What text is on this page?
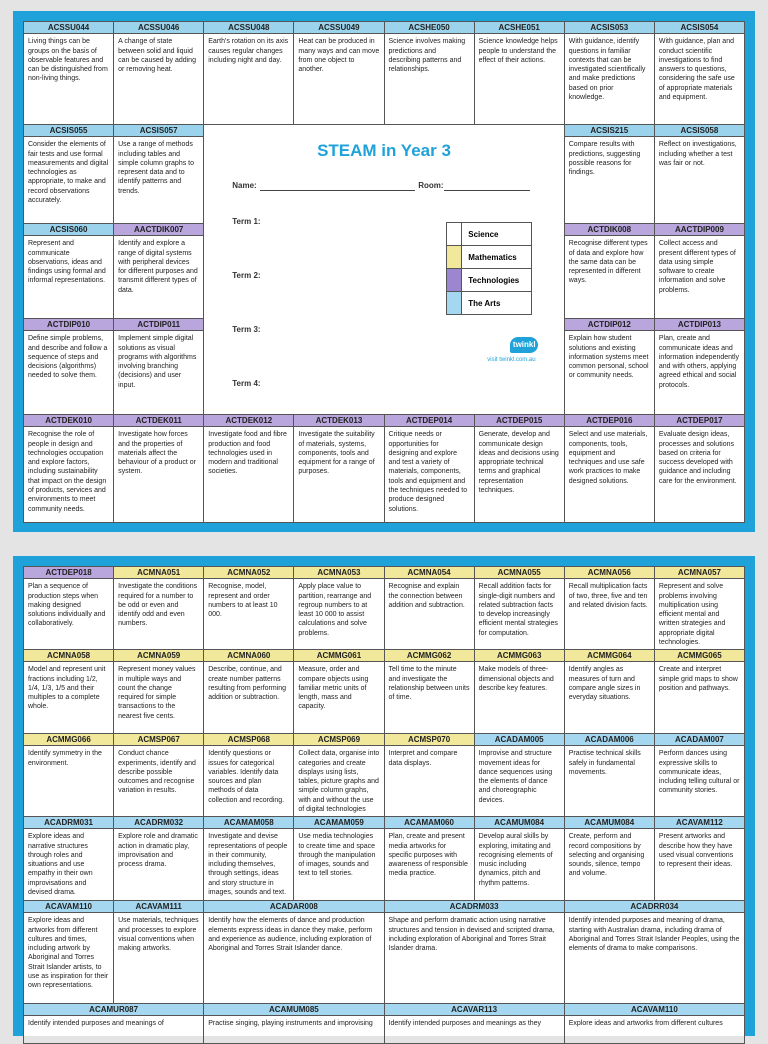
ACSSU044
Living things can be groups on the basis of observable features and can be distinguished from non-living things.
ACSSU046
A change of state between solid and liquid can be caused by adding or removing heat.
ACSSU048
Earth's rotation on its axis causes regular changes including night and day.
ACSSU049
Heat can be produced in many ways and can move from one object to another.
ACSHE050
Science involves making predictions and describing patterns and relationships.
ACSHE051
Science knowledge helps people to understand the effect of their actions.
ACSIS053
With guidance, identify questions in familiar contexts that can be investigated scientifically and make predictions based on prior knowledge.
ACSIS054
With guidance, plan and conduct scientific investigations to find answers to questions, considering the safe use of appropriate materials and equipment.
ACSIS055
Consider the elements of fair tests and use formal measurements and digital technologies as appropriate, to make and record observations accurately.
ACSIS057
Use a range of methods including tables and simple column graphs to represent data and to identify patterns and trends.
ACSIS215
Compare results with predictions, suggesting possible reasons for findings.
ACSIS058
Reflect on investigations, including whether a test was fair or not.
ACSIS060
Represent and communicate observations, ideas and findings using formal and informal representations.
AACTDIK007
Identify and explore a range of digital systems with peripheral devices for different purposes and transmit different types of data.
ACTDIK008
Recognise different types of data and explore how the same data can be represented in different ways.
AACTDIP009
Collect access and present different types of data using simple software to create information and solve problems.
ACTDIP010
Define simple problems, and describe and follow a sequence of steps and decisions (algorithms) needed to solve them.
ACTDIP011
Implement simple digital solutions as visual programs with algorithms involving branching (decisions) and user input.
ACTDIP012
Explain how student solutions and existing information systems meet common personal, school or community needs.
ACTDIP013
Plan, create and communicate ideas and information independently and with others, applying agreed ethical and social protocols.
ACTDEK010
Recognise the role of people in design and technologies occupation and explore factors, including sustainability that impact on the design of products, services and environments to meet community needs.
ACTDEK011
Investigate how forces and the properties of materials affect the behaviour of a product or system.
ACTDEK012
Investigate food and fibre production and food technologies used in modern and traditional societies.
ACTDEK013
Investigate the suitability of materials, systems, components, tools and equipment for a range of purposes.
ACTDEP014
Critique needs or opportunities for designing and explore and test a variety of materials, components, tools and equipment and the techniques needed to produce designed solutions.
ACTDEP015
Generate, develop and communicate design ideas and decisions using appropriate technical terms and graphical representation techniques.
ACTDEP016
Select and use materials, components, tools, equipment and techniques and use safe work practices to make designed solutions.
ACTDEP017
Evaluate design ideas, processes and solutions based on criteria for success developed with guidance and including care for the environment.
STEAM in Year 3
Name:	Room:
Term 1:
Term 2:
Term 3:
Term 4:
Science
Mathematics
Technologies
The Arts
twinkl
visit twinkl.com.au
ACTDEP018
Plan a sequence of production steps when making designed solutions individually and collaboratively.
ACMNA051
Investigate the conditions required for a number to be odd or even and identify odd and even numbers.
ACMNA052
Recognise, model, represent and order numbers to at least 10 000.
ACMNA053
Apply place value to partition, rearrange and regroup numbers to at least 10 000 to assist calculations and solve problems.
ACMNA054
Recognise and explain the connection between addition and subtraction.
ACMNA055
Recall addition facts for single-digit numbers and related subtraction facts to develop increasingly efficient mental strategies for computation.
ACMNA056
Recall multiplication facts of two, three, five and ten and related division facts.
ACMNA057
Represent and solve problems involving multiplication using efficient mental and written strategies and appropriate digital technologies.
ACMNA058
Model and represent unit fractions including 1/2, 1/4, 1/3, 1/5 and their multiples to a complete whole.
ACMNA059
Represent money values in multiple ways and count the change required for simple transactions to the nearest five cents.
ACMNA060
Describe, continue, and create number patterns resulting from performing addition or subtraction.
ACMMG061
Measure, order and compare objects using familiar metric units of length, mass and capacity.
ACMMG062
Tell time to the minute and investigate the relationship between units of time.
ACMMG063
Make models of three-dimensional objects and describe key features.
ACMMG064
Identify angles as measures of turn and compare angle sizes in everyday situations.
ACMMG065
Create and interpret simple grid maps to show position and pathways.
ACMMG066
Identify symmetry in the environment.
ACMSP067
Conduct chance experiments, identify and describe possible outcomes and recognise variation in results.
ACMSP068
Identify questions or issues for categorical variables. Identify data sources and plan methods of data collection and recording.
ACMSP069
Collect data, organise into categories and create displays using lists, tables, picture graphs and simple column graphs, with and without the use of digital technologies
ACMSP070
Interpret and compare data displays.
ACADAM005
Improvise and structure movement ideas for dance sequences using the elements of dance and choreographic devices.
ACADAM006
Practise technical skills safely in fundamental movements.
ACADAM007
Perform dances using expressive skills to communicate ideas, including telling cultural or community stories.
ACADRM031
Explore ideas and narrative structures through roles and situations and use empathy in their own improvisations and devised drama.
ACADRM032
Explore role and dramatic action in dramatic play, improvisation and process drama.
ACAMAM058
Investigate and devise representations of people in their community, including themselves, through settings, ideas and story structure in images, sounds and text.
ACAMAM059
Use media technologies to create time and space through the manipulation of images, sounds and text to tell stories.
ACAMAM060
Plan, create and present media artworks for specific purposes with awareness of responsible media practice.
ACAMUM084
Develop aural skills by exploring, imitating and recognising elements of music including dynamics, pitch and rhythm patterns.
ACAMUM084
Create, perform and record compositions by selecting and organising sounds, silence, tempo and volume.
ACAVAM112
Present artworks and describe how they have used visual conventions to represent their ideas.
ACAVAM110
Explore ideas and artworks from different cultures and times, including artwork by Aboriginal and Torres Strait Islander artists, to use as inspiration for their own representations.
ACAVAM111
Use materials, techniques and processes to explore visual conventions when making artworks.
ACADAR008
Identify how the elements of dance and production elements express ideas in dance they make, perform and experience as audience, including exploration of Aboriginal and Torres Strait Islander dance.
ACADRM033
Shape and perform dramatic action using narrative structures and tension in devised and scripted drama, including exploration of Aboriginal and Torres Strait Islander drama.
ACADRR034
Identify intended purposes and meaning of drama, starting with Australian drama, including drama of Aboriginal and Torres Strait Islander Peoples, using the elements of drama to make comparisons.
ACAMUR087
Identify intended purposes and meanings of
ACAMUM085
Practise singing, playing instruments and improvising
ACAVAR113
Identify intended purposes and meanings as they
ACAVAM110
Explore ideas and artworks from different cultures
